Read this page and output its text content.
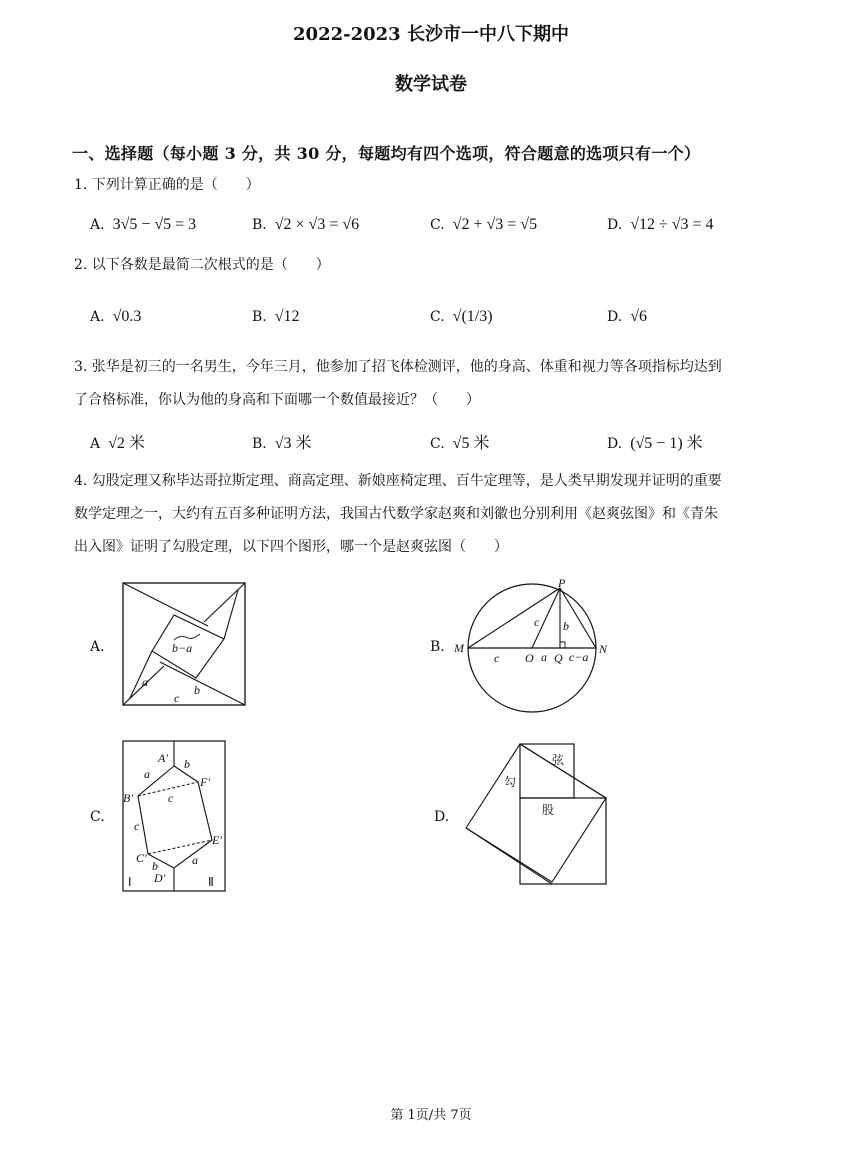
2022-2023 长沙市一中八下期中
数学试卷
一、选择题（每小题 3 分，共 30 分，每题均有四个选项，符合题意的选项只有一个）
1. 下列计算正确的是（　　）
A. 3√5 − √5 = 3	B. √2 × √3 = √6	C. √2 + √3 = √5	D. √12 ÷ √3 = 4
2. 以下各数是最简二次根式的是（　　）
A. √0.3	B. √12	C. √(1/3)	D. √6
3. 张华是初三的一名男生，今年三月，他参加了招飞体检测评，他的身高、体重和视力等各项指标均达到
了合格标准，你认为他的身高和下面哪一个数值最接近？（　　）
A √2 米	B. √3 米	C. √5 米	D. (√5 − 1) 米
4. 勾股定理又称毕达哥拉斯定理、商高定理、新娘座椅定理、百牛定理等，是人类早期发现并证明的重要
数学定理之一，大约有五百多种证明方法，我国古代数学家赵爽和刘徽也分别利用《赵爽弦图》和《青朱
出入图》证明了勾股定理，以下四个图形，哪一个是赵爽弦图（　　）
A.	b−a
a
b
c
B.
P
M	N
c b
c O a Q c−a
C.
A′ b
a
F′
B′	c
c
E′
C′
b	a
D′
Ⅰ	Ⅱ
D.
弦
勾
股
第 1页/共 7页
